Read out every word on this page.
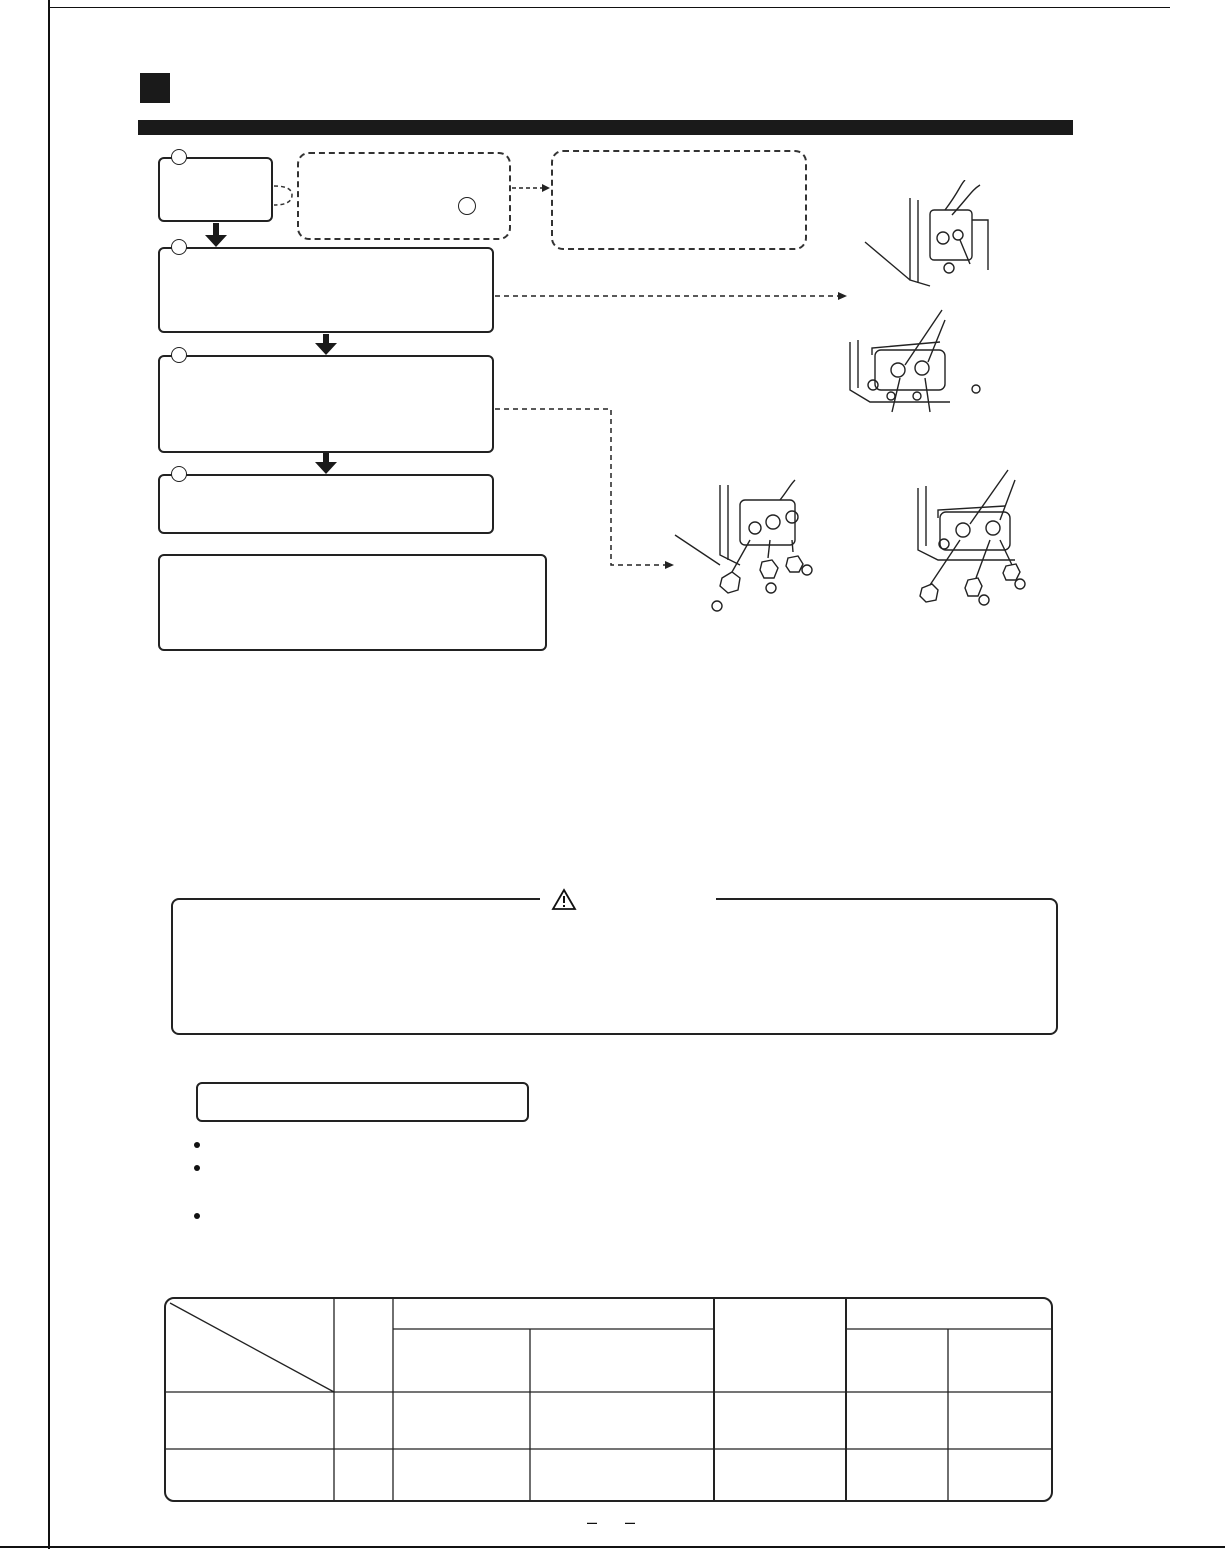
‒ ‒
